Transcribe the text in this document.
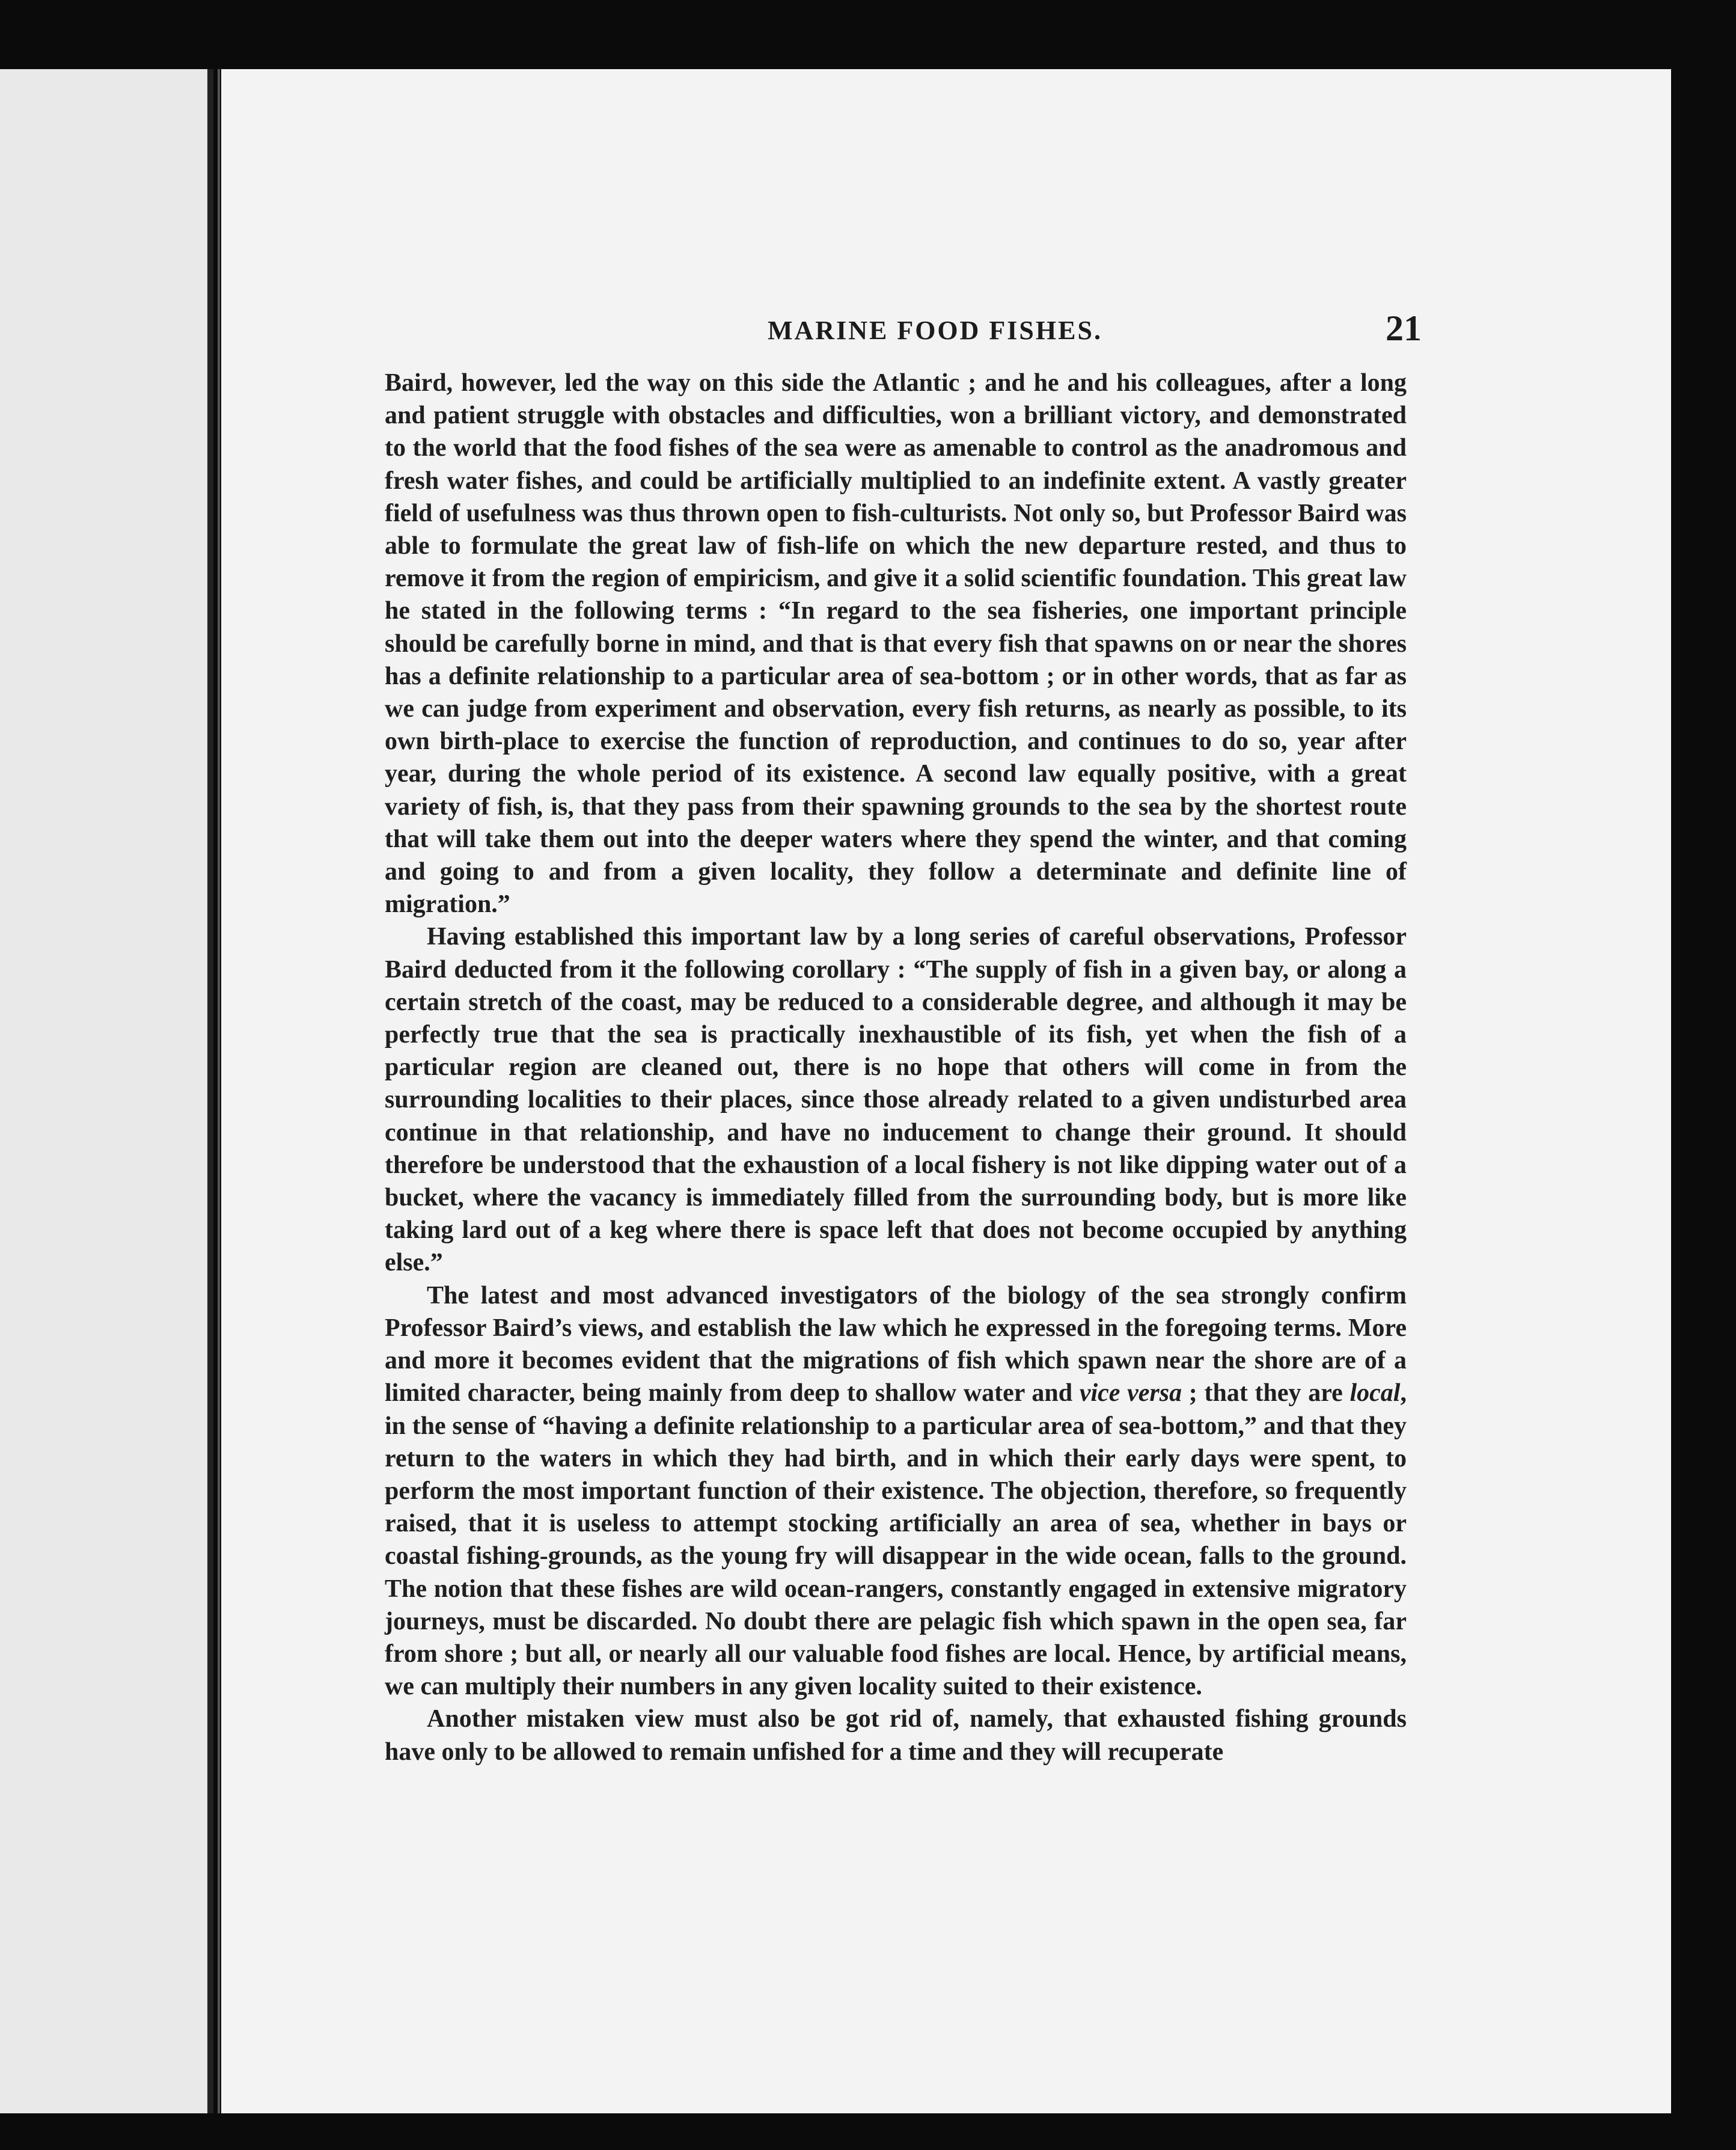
MARINE FOOD FISHES.	21

Baird, however, led the way on this side the Atlantic ; and he and his colleagues, after a long and patient struggle with obstacles and difficulties, won a brilliant victory, and demonstrated to the world that the food fishes of the sea were as amenable to control as the anadromous and fresh water fishes, and could be artificially multiplied to an indefinite extent. A vastly greater field of usefulness was thus thrown open to fish-culturists. Not only so, but Professor Baird was able to formulate the great law of fish-life on which the new departure rested, and thus to remove it from the region of empiricism, and give it a solid scientific foundation. This great law he stated in the following terms : “In regard to the sea fisheries, one important principle should be carefully borne in mind, and that is that every fish that spawns on or near the shores has a definite relationship to a particular area of sea-bottom ; or in other words, that as far as we can judge from experiment and observation, every fish returns, as nearly as possible, to its own birth-place to exercise the function of reproduction, and continues to do so, year after year, during the whole period of its existence. A second law equally positive, with a great variety of fish, is, that they pass from their spawning grounds to the sea by the shortest route that will take them out into the deeper waters where they spend the winter, and that coming and going to and from a given locality, they follow a determinate and definite line of migration.”

Having established this important law by a long series of careful observations, Professor Baird deducted from it the following corollary : “The supply of fish in a given bay, or along a certain stretch of the coast, may be reduced to a considerable degree, and although it may be perfectly true that the sea is practically inexhaustible of its fish, yet when the fish of a particular region are cleaned out, there is no hope that others will come in from the surrounding localities to their places, since those already related to a given undisturbed area continue in that relationship, and have no inducement to change their ground. It should therefore be understood that the exhaustion of a local fishery is not like dipping water out of a bucket, where the vacancy is immediately filled from the surrounding body, but is more like taking lard out of a keg where there is space left that does not become occupied by anything else.”

The latest and most advanced investigators of the biology of the sea strongly confirm Professor Baird’s views, and establish the law which he expressed in the foregoing terms. More and more it becomes evident that the migrations of fish which spawn near the shore are of a limited character, being mainly from deep to shallow water and vice versa ; that they are local, in the sense of “having a definite relationship to a particular area of sea-bottom,” and that they return to the waters in which they had birth, and in which their early days were spent, to perform the most important function of their existence. The objection, therefore, so frequently raised, that it is useless to attempt stocking artificially an area of sea, whether in bays or coastal fishing-grounds, as the young fry will disappear in the wide ocean, falls to the ground. The notion that these fishes are wild ocean-rangers, constantly engaged in extensive migratory journeys, must be discarded. No doubt there are pelagic fish which spawn in the open sea, far from shore ; but all, or nearly all our valuable food fishes are local. Hence, by artificial means, we can multiply their numbers in any given locality suited to their existence.

Another mistaken view must also be got rid of, namely, that exhausted fishing grounds have only to be allowed to remain unfished for a time and they will recuperate
